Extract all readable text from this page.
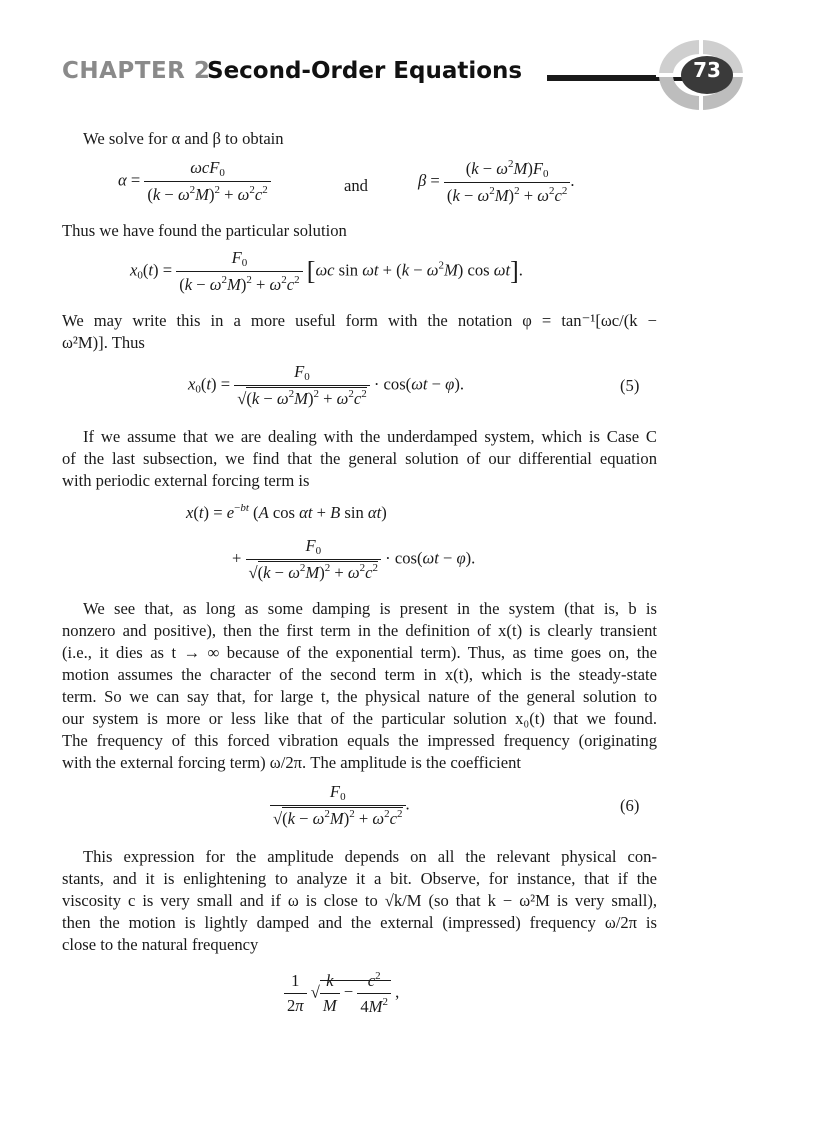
CHAPTER 2
Second-Order Equations	73
We solve for α and β to obtain
$\alpha = \frac{\omega cF_0}{(k - \omega^2M)^2 + \omega^2c^2}$	and	$\beta = \frac{(k - \omega^2M)F_0}{(k - \omega^2M)^2 + \omega^2c^2}$ .
Thus we have found the particular solution
$x_0(t) = \frac{F_0}{(k - \omega^2M)^2 + \omega^2c^2} [\omega c$ $\sin \omega t + (k - \omega^2M)$ cos ωt].
We may write this in a more useful form with the notation φ = tan⁻¹[ωc/(k −
ω²M)]. Thus
$x_0(t) = \frac{F_0}{√(k - \omega^2M)^2 + \omega^2c^2} \cdot \cos(\omega t - \varphi)$.	(5)
If we assume that we are dealing with the underdamped system, which is Case C
of the last subsection, we find that the general solution of our differential equation
with periodic external forcing term is
$x(t) = e^{-bt}$ (A cos αt + B sin αt)
+ $\frac{F_0}{√(k - \omega^2M)^2 + \omega^2c^2} \cdot \cos(\omega t - \varphi)$.
We see that, as long as some damping is present in the system (that is, b is
nonzero and positive), then the first term in the definition of x(t) is clearly transient
(i.e., it dies as t → ∞ because of the exponential term). Thus, as time goes on, the
motion assumes the character of the second term in x(t), which is the steady-state
term. So we can say that, for large t, the physical nature of the general solution to
our system is more or less like that of the particular solution x₀(t) that we found.
The frequency of this forced vibration equals the impressed frequency (originating
with the external forcing term) ω/2π. The amplitude is the coefficient
$\frac{F_0}{√(k - \omega^2M)^2 + \omega^2c^2}$ .	(6)
This expression for the amplitude depends on all the relevant physical con-
stants, and it is enlightening to analyze it a bit. Observe, for instance, that if the
viscosity c is very small and if ω is close to √k/M (so that k − ω²M is very small),
then the motion is lightly damped and the external (impressed) frequency ω/2π is
close to the natural frequency
$\frac{1}{2\pi}$ √ $\frac{k}{M} - \frac{c^2}{4M^2}$ ,
